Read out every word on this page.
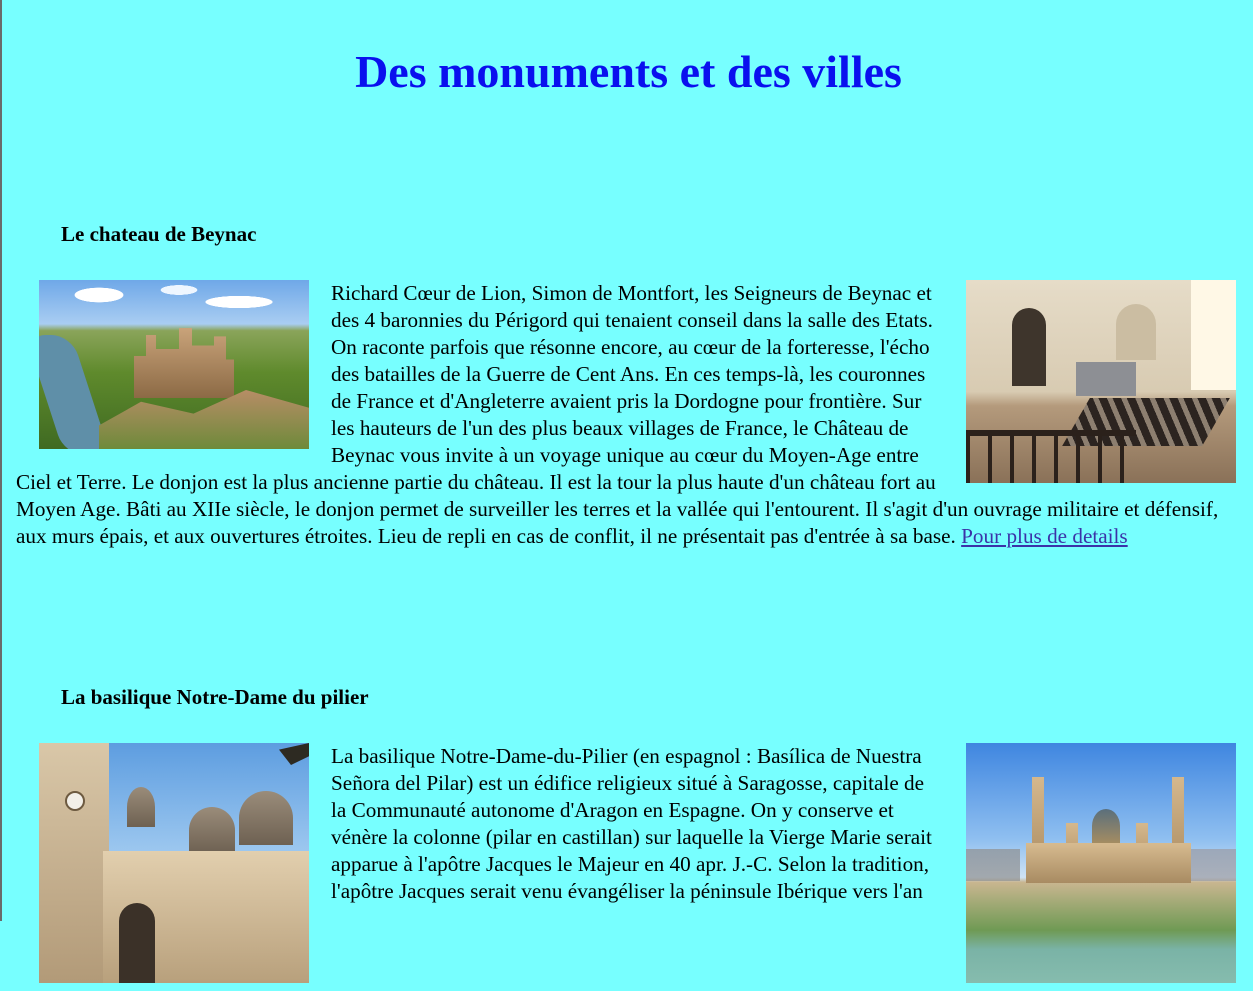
Des monuments et des villes
Le chateau de Beynac
Richard Cœur de Lion, Simon de Montfort, les Seigneurs de Beynac et des 4 baronnies du Périgord qui tenaient conseil dans la salle des Etats. On raconte parfois que résonne encore, au cœur de la forteresse, l'écho des batailles de la Guerre de Cent Ans. En ces temps-là, les couronnes de France et d'Angleterre avaient pris la Dordogne pour frontière. Sur les hauteurs de l'un des plus beaux villages de France, le Château de Beynac vous invite à un voyage unique au cœur du Moyen-Age entre Ciel et Terre. Le donjon est la plus ancienne partie du château. Il est la tour la plus haute d'un château fort au Moyen Age. Bâti au XIIe siècle, le donjon permet de surveiller les terres et la vallée qui l'entourent. Il s'agit d'un ouvrage militaire et défensif, aux murs épais, et aux ouvertures étroites. Lieu de repli en cas de conflit, il ne présentait pas d'entrée à sa base. Pour plus de details
La basilique Notre-Dame du pilier
La basilique Notre-Dame-du-Pilier (en espagnol : Basílica de Nuestra Señora del Pilar) est un édifice religieux situé à Saragosse, capitale de la Communauté autonome d'Aragon en Espagne. On y conserve et vénère la colonne (pilar en castillan) sur laquelle la Vierge Marie serait apparue à l'apôtre Jacques le Majeur en 40 apr. J.-C. Selon la tradition, l'apôtre Jacques serait venu évangéliser la péninsule Ibérique vers l'an
